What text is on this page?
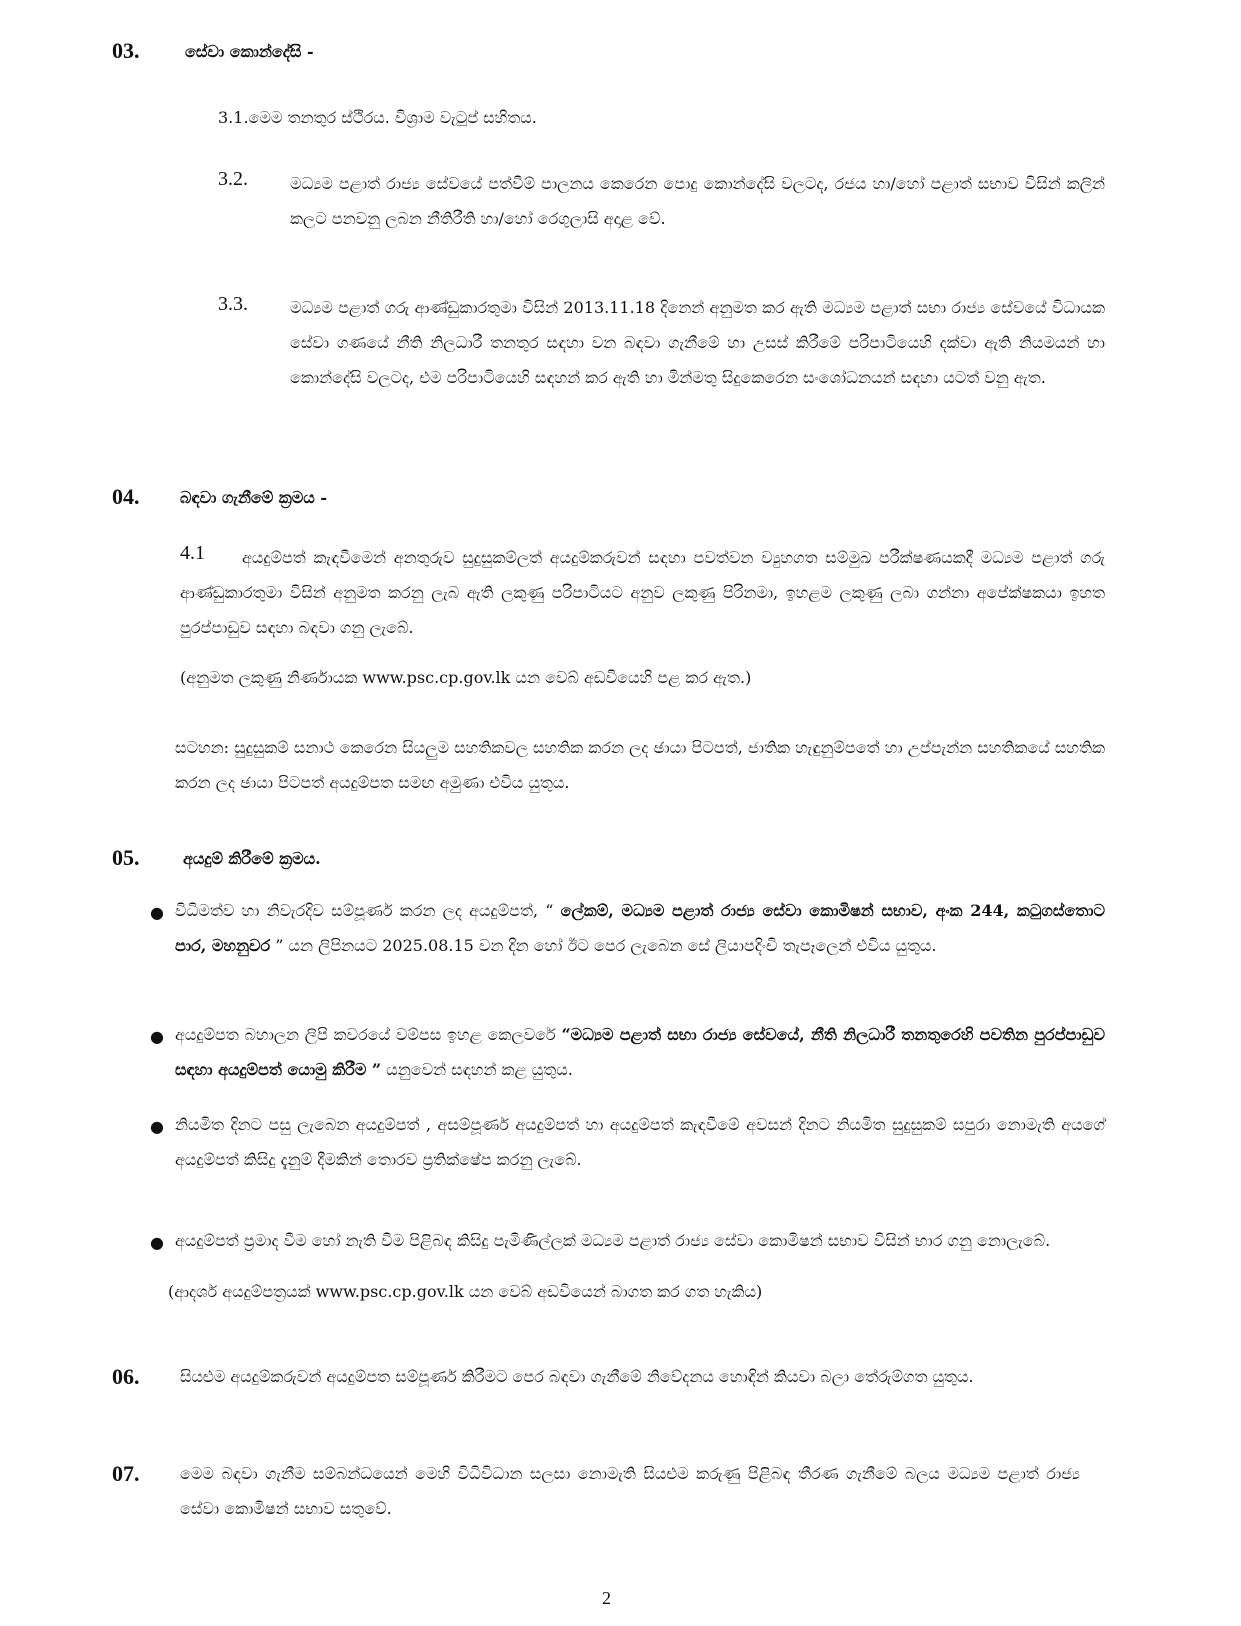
03.	සේවා කොන්දේසි -
3.1.මෙම තනතුර ස්ථිරය. විශ්‍රාම වැටුප් සහිතය.
3.2.	මධ්‍යම පළාත් රාජ්‍ය සේවයේ පත්වීම් පාලනය කෙරෙන පොදු කොන්දේසි වලටද, රජය හා/හෝ පළාත් සභාව විසින් කලින් කලට පනවනු ලබන නීතිරීති හා/හෝ රෙගුලාසි අදාළ වේ.
3.3.	මධ්‍යම පළාත් ගරු ආණ්ඩුකාරතුමා විසින් 2013.11.18 දිනෙන් අනුමත කර ඇති මධ්‍යම පළාත් සභා රාජ්‍ය සේවයේ විධායක සේවා ගණයේ නීති නිලධාරී තනතුර සඳහා වන බඳවා ගැනීමේ හා උසස් කිරීමේ පරිපාටියෙහි දක්වා ඇති නියමයන් හා කොන්දේසි වලටද, එම පරිපාටියෙහි සඳහන් කර ඇති හා මින්මතු සිදුකෙරෙන සංශෝධනයන් සඳහා යටත් වනු ඇත.
04.	බඳවා ගැනීමේ ක්‍රමය -
4.1	අයදුම්පත් කැඳවීමෙන් අනතුරුව සුදුසුකම්ලත් අයදුම්කරුවන් සඳහා පවත්වන ව්‍යුහගත සම්මුඛ පරීක්ෂණයකදී මධ්‍යම පළාත් ගරු ආණ්ඩුකාරතුමා විසින් අනුමත කරනු ලැබ ඇති ලකුණු පරිපාටියට අනුව ලකුණු පිරිනමා, ඉහළම ලකුණු ලබා ගන්නා අපේක්ෂකයා ඉහත පුරප්පාඩුව සඳහා බඳවා ගනු ලැබේ.
(අනුමත ලකුණු නිර්ණායක www.psc.cp.gov.lk යන වෙබ් අඩවියෙහි පළ කර ඇත.)
සටහන: සුදුසුකම් සනාථ කෙරෙන සියලුම සහතිකවල සහතික කරන ලද ඡායා පිටපත්, ජාතික හැඳුනුම්පතේ හා උප්පැන්න සහතිකයේ සහතික කරන ලද ඡායා පිටපත් අයදුම්පත සමඟ අමුණා එවිය යුතුය.
05.	අයදුම් කිරීමේ ක්‍රමය.
● විධිමත්ව හා නිවැරදිව සම්පූර්ණ කරන ලද අයදුම්පත්, “ ලේකම්, මධ්‍යම පළාත් රාජ්‍ය සේවා කොමිෂන් සභාව, අංක 244, කටුගස්තොට පාර, මහනුවර ” යන ලිපිනයට 2025.08.15 වන දින හෝ ඊට පෙර ලැබෙන සේ ලියාපදිංචි තැපෑලෙන් එවිය යුතුය.
● අයදුම්පත බහාලන ලිපි කවරයේ වම්පස ඉහළ කෙලවරේ “මධ්‍යම පළාත් සභා රාජ්‍ය සේවයේ, නීති නිලධාරී තනතුරෙහි පවතින පුරප්පාඩුව සඳහා අයදුම්පත් යොමු කිරීම ” යනුවෙන් සඳහන් කළ යුතුය.
● නියමිත දිනට පසු ලැබෙන අයදුම්පත් , අසම්පූර්ණ අයදුම්පත් හා අයදුම්පත් කැඳවීමේ අවසන් දිනට නියමිත සුදුසුකම් සපුරා නොමැති අයගේ අයදුම්පත් කිසිදු දැනුම් දීමකින් තොරව ප්‍රතික්ෂේප කරනු ලැබේ.
● අයදුම්පත් ප්‍රමාද වීම හෝ නැති වීම පිළිබඳ කිසිදු පැමිණිල්ලක් මධ්‍යම පළාත් රාජ්‍ය සේවා කොමිෂන් සභාව විසින් භාර ගනු නොලැබේ.
(ආදර්ශ අයදුම්පත්‍රයක් www.psc.cp.gov.lk යන වෙබ් අඩවියෙන් බාගත කර ගත හැකිය)
06.	සියළුම අයදුම්කරුවන් අයදුම්පත සම්පූර්ණ කිරීමට පෙර බඳවා ගැනීමේ නිවේදනය හොඳින් කියවා බලා තේරුම්ගත යුතුය.
07.	මෙම බඳවා ගැනීම සම්බන්ධයෙන් මෙහි විධිවිධාන සලසා නොමැති සියළුම කරුණු පිළිබඳ තීරණ ගැනීමේ බලය මධ්‍යම පළාත් රාජ්‍ය සේවා කොමිෂන් සභාව සතුවේ.
2
